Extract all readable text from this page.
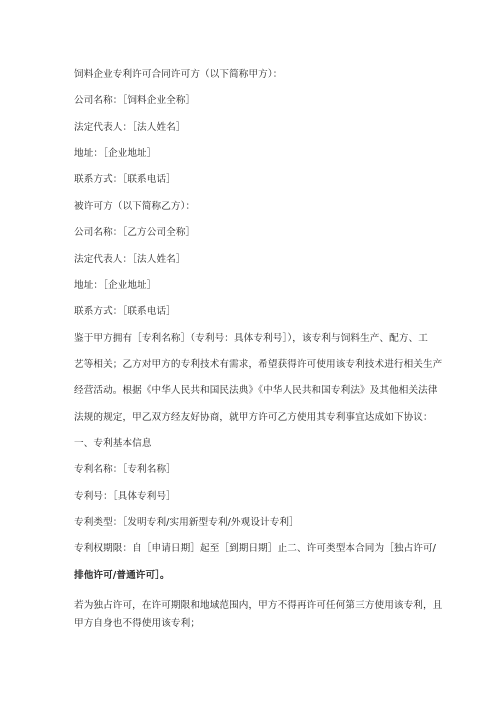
饲料企业专利许可合同许可方（以下简称甲方）：
公司名称：［饲料企业全称］
法定代表人：［法人姓名］
地址：［企业地址］
联系方式：［联系电话］
被许可方（以下简称乙方）：
公司名称：［乙方公司全称］
法定代表人：［法人姓名］
地址：［企业地址］
联系方式：［联系电话］
鉴于甲方拥有［专利名称］（专利号：具体专利号］），该专利与饲料生产、配方、工
艺等相关；乙方对甲方的专利技术有需求，希望获得许可使用该专利技术进行相关生产
经营活动。根据《中华人民共和国民法典》《中华人民共和国专利法》及其他相关法律
法规的规定，甲乙双方经友好协商，就甲方许可乙方使用其专利事宜达成如下协议：
一、专利基本信息
专利名称：［专利名称］
专利号：［具体专利号］
专利类型：［发明专利/实用新型专利/外观设计专利］
专利权期限：自［申请日期］起至［到期日期］止二、许可类型本合同为［独占许可/
排他许可/普通许可］。
若为独占许可，在许可期限和地域范围内，甲方不得再许可任何第三方使用该专利，且
甲方自身也不得使用该专利；
